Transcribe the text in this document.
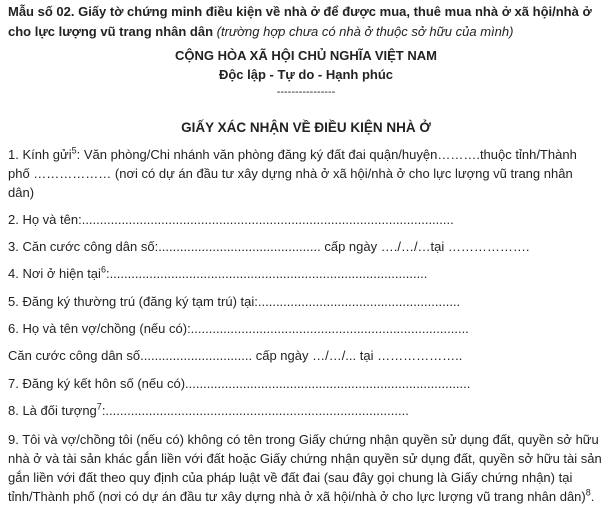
Mẫu số 02. Giấy tờ chứng minh điều kiện về nhà ở để được mua, thuê mua nhà ở xã hội/nhà ở cho lực lượng vũ trang nhân dân (trường hợp chưa có nhà ở thuộc sở hữu của mình)
CỘNG HÒA XÃ HỘI CHỦ NGHĨA VIỆT NAM
Độc lập - Tự do - Hạnh phúc
----------------
GIẤY XÁC NHẬN VỀ ĐIỀU KIỆN NHÀ Ở
1. Kính gửi$^5$: Văn phòng/Chi nhánh văn phòng đăng ký đất đai quận/huyện……….thuộc tỉnh/Thành phố ……………… (nơi có dự án đầu tư xây dựng nhà ở xã hội/nhà ở cho lực lượng vũ trang nhân dân)
2. Họ và tên:.......................................................................................................
3. Căn cước công dân số:............................................. cấp ngày …./…/…tại ……………….
4. Nơi ở hiện tại$^6$:........................................................................................
5. Đăng ký thường trú (đăng ký tạm trú) tại:........................................................
6. Họ và tên vợ/chồng (nếu có):.............................................................................
Căn cước công dân số............................... cấp ngày …/…/... tại ………………..
7. Đăng ký kết hôn số (nếu có)...............................................................................
8. Là đối tượng$^7$:....................................................................................
9. Tôi và vợ/chồng tôi (nếu có) không có tên trong Giấy chứng nhận quyền sử dụng đất, quyền sở hữu nhà ở và tài sản khác gắn liền với đất hoặc Giấy chứng nhận quyền sử dụng đất, quyền sở hữu tài sản gắn liền với đất theo quy định của pháp luật về đất đai (sau đây gọi chung là Giấy chứng nhận) tại tỉnh/Thành phố (nơi có dự án đầu tư xây dựng nhà ở xã hội/nhà ở cho lực lượng vũ trang nhân dân)$^8$.
